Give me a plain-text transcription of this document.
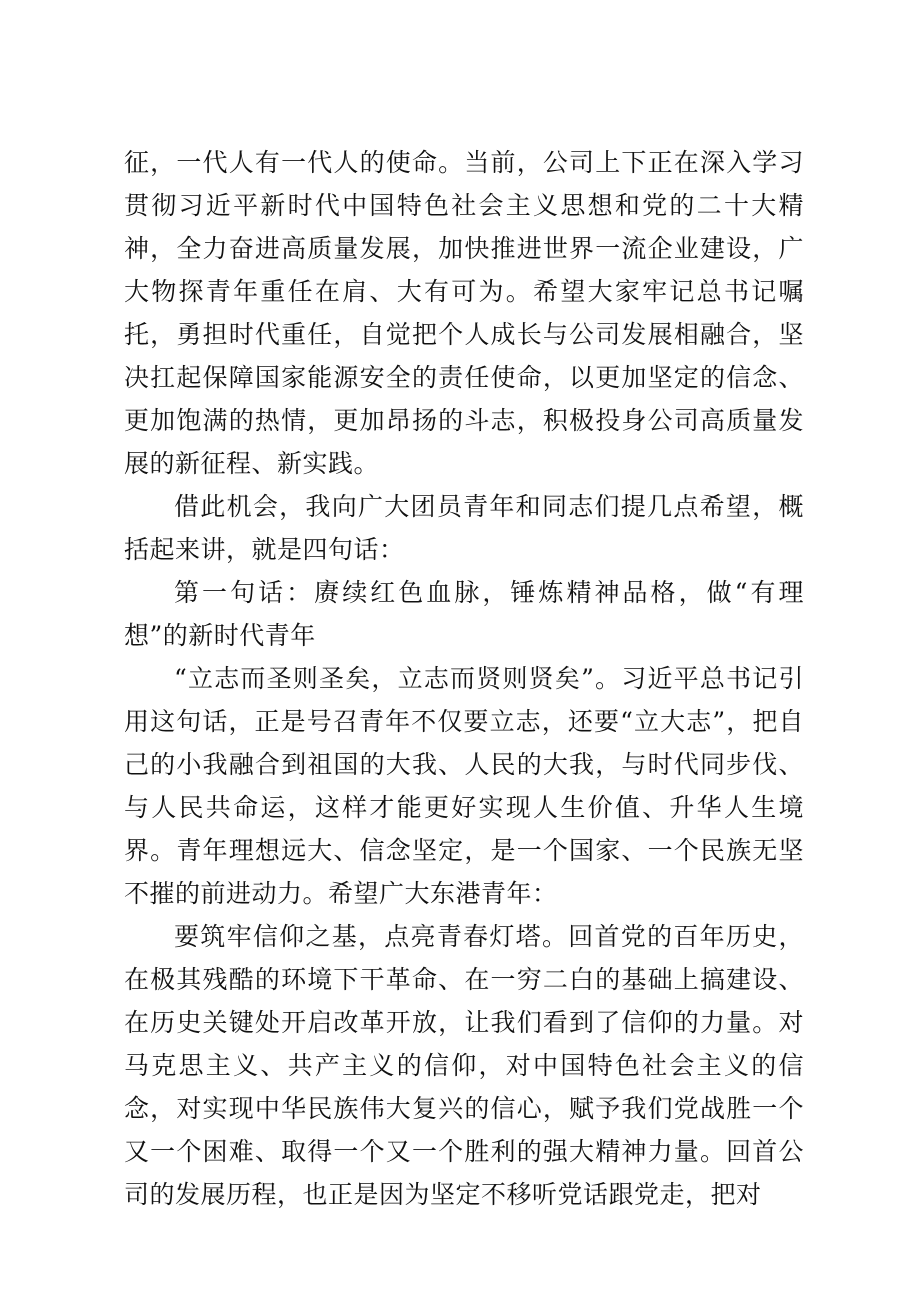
征，一代人有一代人的使命。当前，公司上下正在深入学习贯彻习近平新时代中国特色社会主义思想和党的二十大精神，全力奋进高质量发展，加快推进世界一流企业建设，广大物探青年重任在肩、大有可为。希望大家牢记总书记嘱托，勇担时代重任，自觉把个人成长与公司发展相融合，坚决扛起保障国家能源安全的责任使命，以更加坚定的信念、更加饱满的热情，更加昂扬的斗志，积极投身公司高质量发展的新征程、新实践。

借此机会，我向广大团员青年和同志们提几点希望，概括起来讲，就是四句话：

第一句话：赓续红色血脉，锤炼精神品格，做“有理想”的新时代青年

“立志而圣则圣矣，立志而贤则贤矣”。习近平总书记引用这句话，正是号召青年不仅要立志，还要“立大志”，把自己的小我融合到祖国的大我、人民的大我，与时代同步伐、与人民共命运，这样才能更好实现人生价值、升华人生境界。青年理想远大、信念坚定，是一个国家、一个民族无坚不摧的前进动力。希望广大东港青年：

要筑牢信仰之基，点亮青春灯塔。回首党的百年历史，在极其残酷的环境下干革命、在一穷二白的基础上搞建设、在历史关键处开启改革开放，让我们看到了信仰的力量。对马克思主义、共产主义的信仰，对中国特色社会主义的信念，对实现中华民族伟大复兴的信心，赋予我们党战胜一个又一个困难、取得一个又一个胜利的强大精神力量。回首公司的发展历程，也正是因为坚定不移听党话跟党走，把对
